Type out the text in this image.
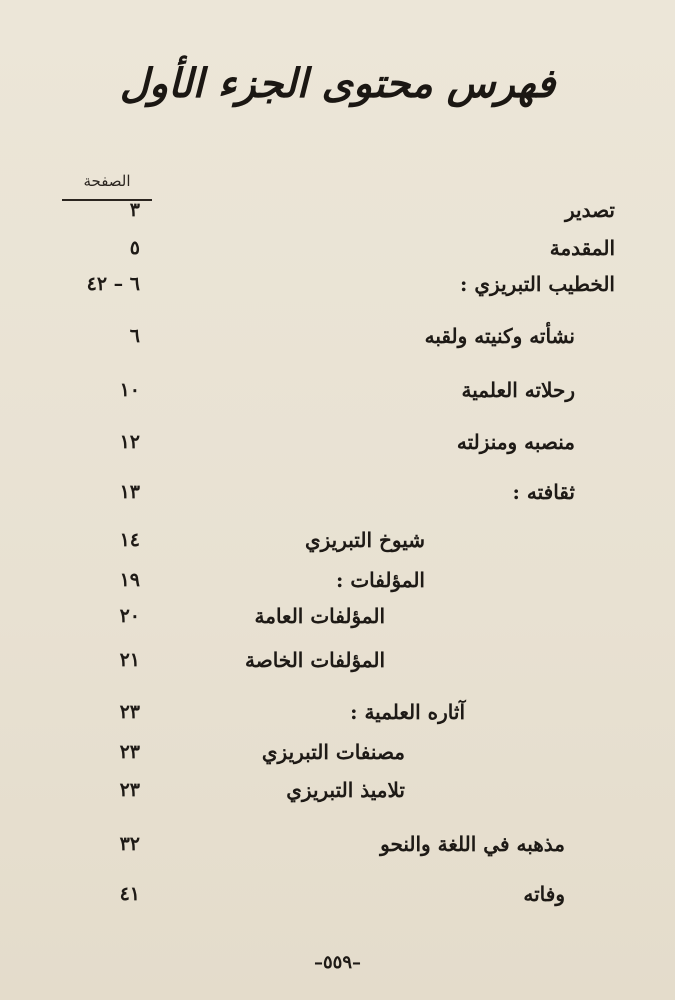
فهرس محتوى الجزء الأول
الصفحة
تصدير
٣
المقدمة
٥
الخطيب التبريزي :
٦ – ٤٢
نشأته وكنيته ولقبه
٦
رحلاته العلمية
١٠
منصبه ومنزلته
١٢
ثقافته :
١٣
شيوخ التبريزي
١٤
المؤلفات :
١٩
المؤلفات العامة
٢٠
المؤلفات الخاصة
٢١
آثاره العلمية :
٢٣
مصنفات التبريزي
٢٣
تلاميذ التبريزي
٢٣
مذهبه في اللغة والنحو
٣٢
وفاته
٤١
–٥٥٩–
